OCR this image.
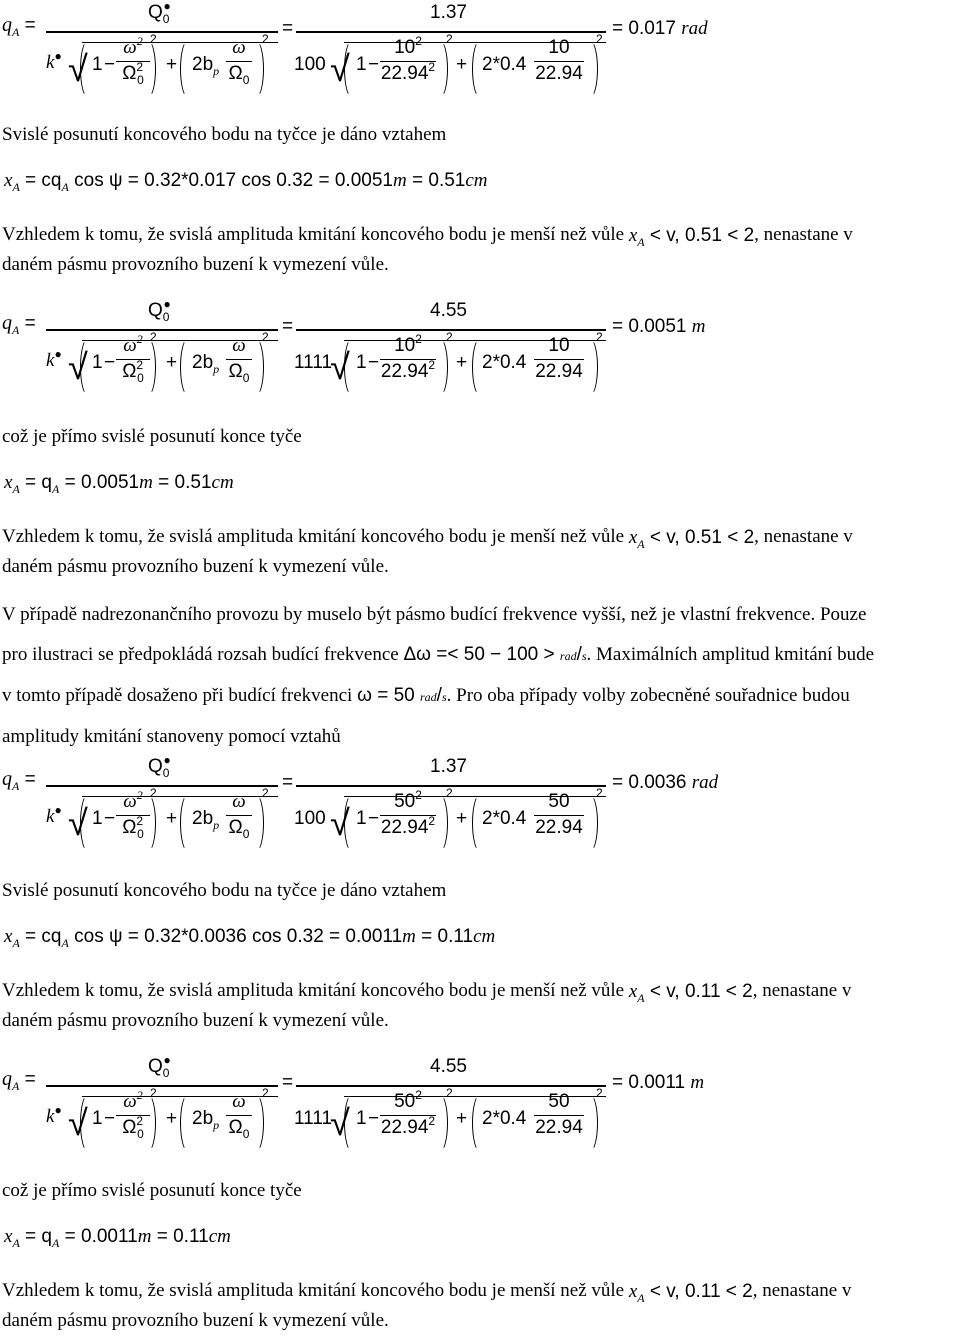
$q_A$ =
$Q_0^●$
k● √ 1 −
$\omega^2$
$\Omega^2_0$
2
+ $2b_p$
ω
$\Omega_0$
2 =
1.37
100 √ 1 −
$10^2$
22.94$^2$
2
+ 2*0.4
10
22.94
2 = 0.017 rad
Svislé posunutí koncového bodu na tyčce je dáno vztahem
$x_A = cq_A$ cos ψ = 0.32*0.017 cos 0.32 = 0.0051m = 0.51cm
Vzhledem k tomu, že svislá amplituda kmitání koncového bodu je menší než vůle $x_A < v$, 0.51 < 2, nenastane v
daném pásmu provozního buzení k vymezení vůle.
$q_A$ =
$Q_0^●$
k● √ 1 −
$\omega^2$
$\Omega^2_0$
2
+ $2b_p$
ω
$\Omega_0$
2 =
4.55
1111
√ 1 −
$10^2$
22.94$^2$
2
+ 2*0.4
10
22.94
2 = 0.0051 m
což je přímo svislé posunutí konce tyče
$x_A = q_A = 0.0051m = 0.51cm$
Vzhledem k tomu, že svislá amplituda kmitání koncového bodu je menší než vůle $x_A < v$, 0.51 < 2, nenastane v
daném pásmu provozního buzení k vymezení vůle.
V případě nadrezonančního provozu by muselo být pásmo budící frekvence vyšší, než je vlastní frekvence. Pouze
pro ilustraci se předpokládá rozsah budící frekvence Δω =< 50 − 100 > rad/s. Maximálních amplitud kmitání bude
v tomto případě dosaženo při budící frekvenci ω = 50 rad/s. Pro oba případy volby zobecněné souřadnice budou
amplitudy kmitání stanoveny pomocí vztahů
$q_A$ =
$Q_0^●$
k● √ 1 −
$\omega^2$
$\Omega^2_0$
2
+ $2b_p$
ω
$\Omega_0$
2 =
1.37
100 √ 1 −
$50^2$
22.94$^2$
2
+ 2*0.4
50
22.94
2 = 0.0036 rad
Svislé posunutí koncového bodu na tyčce je dáno vztahem
$x_A = cq_A$ cos ψ = 0.32*0.0036 cos 0.32 = 0.0011m = 0.11cm
Vzhledem k tomu, že svislá amplituda kmitání koncového bodu je menší než vůle $x_A < v$, 0.11 < 2, nenastane v
daném pásmu provozního buzení k vymezení vůle.
$q_A$ =
$Q_0^●$
k● √ 1 −
$\omega^2$
$\Omega^2_0$
2
+ $2b_p$
ω
$\Omega_0$
2 =
4.55
1111
√ 1 −
$50^2$
22.94$^2$
2
+ 2*0.4
50
22.94
2 = 0.0011 m
což je přímo svislé posunutí konce tyče
$x_A = q_A = 0.0011m = 0.11cm$
Vzhledem k tomu, že svislá amplituda kmitání koncového bodu je menší než vůle $x_A < v$, 0.11 < 2, nenastane v
daném pásmu provozního buzení k vymezení vůle.
